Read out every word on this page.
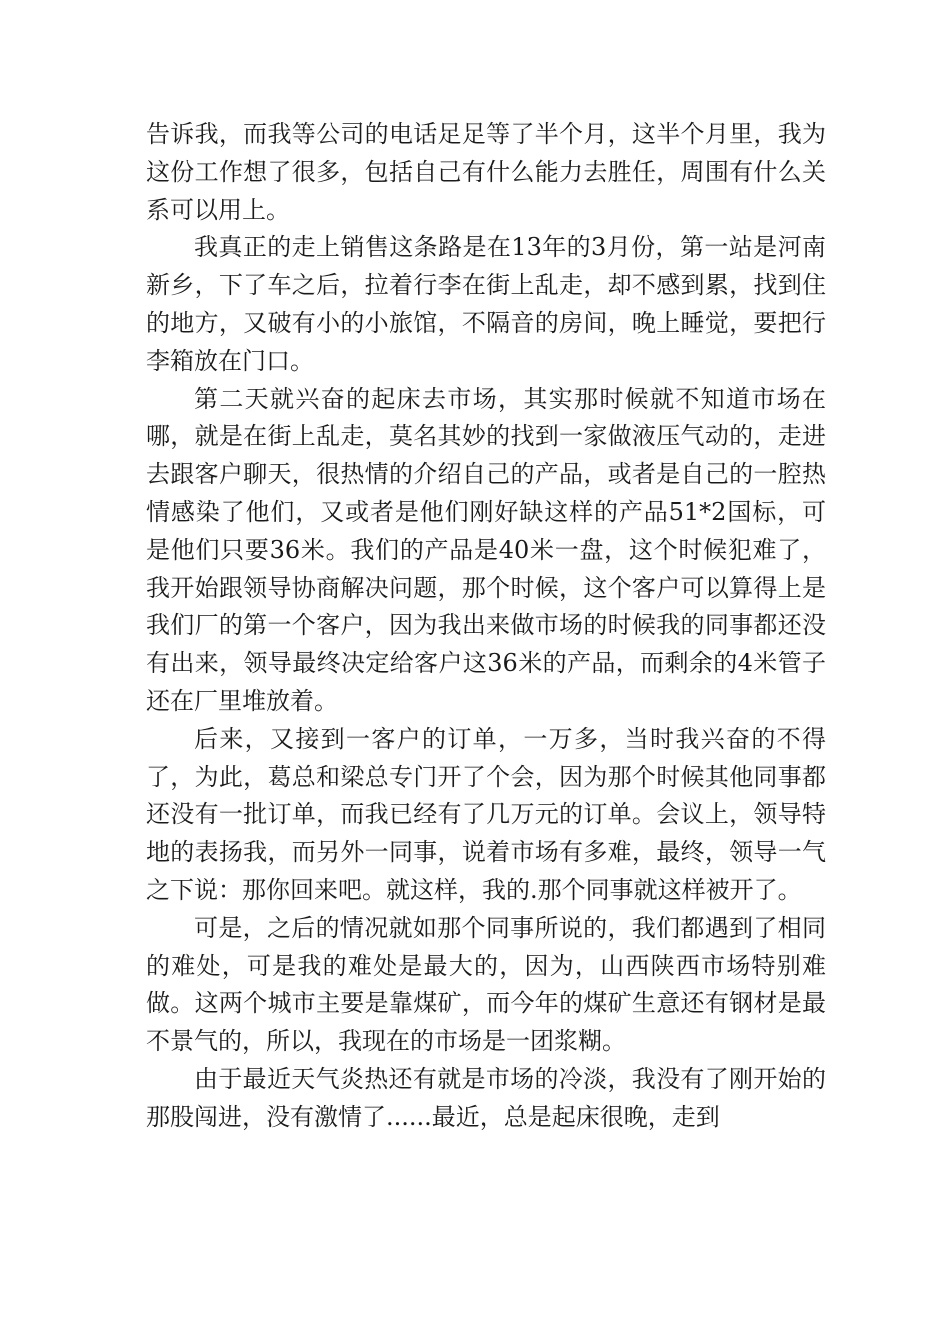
告诉我，而我等公司的电话足足等了半个月，这半个月里，我为这份工作想了很多，包括自己有什么能力去胜任，周围有什么关系可以用上。

我真正的走上销售这条路是在13年的3月份，第一站是河南新乡，下了车之后，拉着行李在街上乱走，却不感到累，找到住的地方，又破有小的小旅馆，不隔音的房间，晚上睡觉，要把行李箱放在门口。

第二天就兴奋的起床去市场，其实那时候就不知道市场在哪，就是在街上乱走，莫名其妙的找到一家做液压气动的，走进去跟客户聊天，很热情的介绍自己的产品，或者是自己的一腔热情感染了他们，又或者是他们刚好缺这样的产品51*2国标，可是他们只要36米。我们的产品是40米一盘，这个时候犯难了，我开始跟领导协商解决问题，那个时候，这个客户可以算得上是我们厂的第一个客户，因为我出来做市场的时候我的同事都还没有出来，领导最终决定给客户这36米的产品，而剩余的4米管子还在厂里堆放着。

后来，又接到一客户的订单，一万多，当时我兴奋的不得了，为此，葛总和梁总专门开了个会，因为那个时候其他同事都还没有一批订单，而我已经有了几万元的订单。会议上，领导特地的表扬我，而另外一同事，说着市场有多难，最终，领导一气之下说：那你回来吧。就这样，我的.那个同事就这样被开了。

可是，之后的情况就如那个同事所说的，我们都遇到了相同的难处，可是我的难处是最大的，因为，山西陕西市场特别难做。这两个城市主要是靠煤矿，而今年的煤矿生意还有钢材是最不景气的，所以，我现在的市场是一团浆糊。

由于最近天气炎热还有就是市场的冷淡，我没有了刚开始的那股闯进，没有激情了......最近，总是起床很晚，走到
